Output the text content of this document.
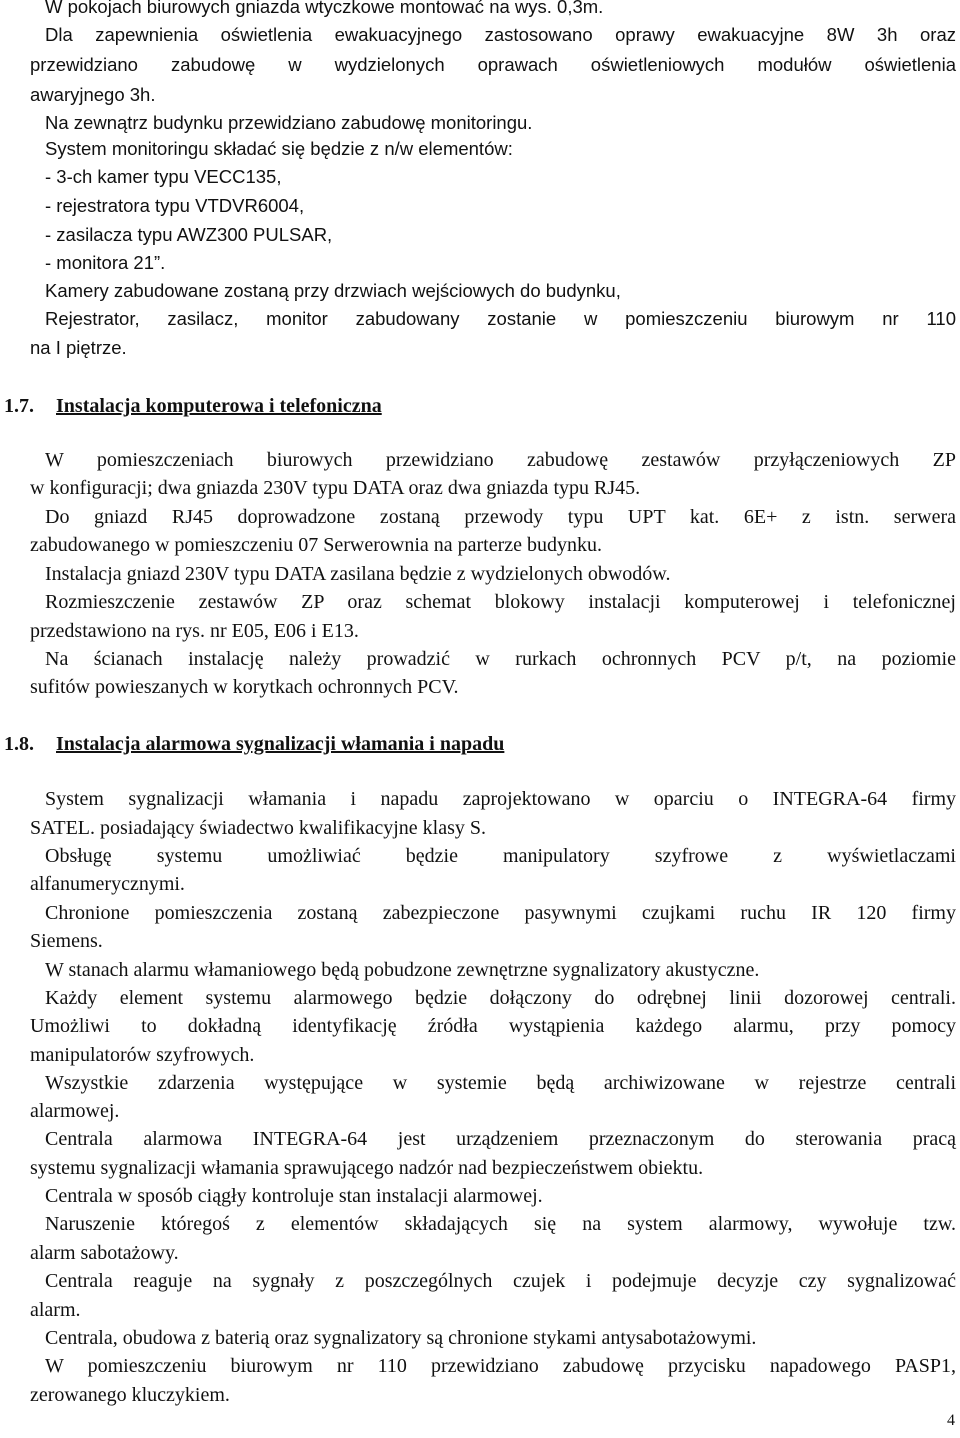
W pokojach biurowych gniazda wtyczkowe montować na wys. 0,3m.
Dla zapewnienia oświetlenia ewakuacyjnego zastosowano oprawy ewakuacyjne 8W 3h oraz
przewidziano zabudowę w wydzielonych oprawach oświetleniowych modułów oświetlenia
awaryjnego 3h.
Na zewnątrz budynku przewidziano zabudowę monitoringu.
System monitoringu składać się będzie z n/w elementów:
- 3-ch kamer typu VECC135,
- rejestratora typu VTDVR6004,
- zasilacza typu AWZ300 PULSAR,
- monitora 21”.
Kamery zabudowane zostaną przy drzwiach wejściowych do budynku,
Rejestrator, zasilacz, monitor zabudowany zostanie w pomieszczeniu biurowym nr 110
na I piętrze.
1.7. Instalacja komputerowa i telefoniczna
W pomieszczeniach biurowych przewidziano zabudowę zestawów przyłączeniowych ZP
w konfiguracji; dwa gniazda 230V typu DATA oraz dwa gniazda typu RJ45.
Do gniazd RJ45 doprowadzone zostaną przewody typu UPT kat. 6E+ z istn. serwera
zabudowanego w pomieszczeniu 07 Serwerownia na parterze budynku.
Instalacja gniazd 230V typu DATA zasilana będzie z wydzielonych obwodów.
Rozmieszczenie zestawów ZP oraz schemat blokowy instalacji komputerowej i telefonicznej
przedstawiono na rys. nr E05, E06 i E13.
Na ścianach instalację należy prowadzić w rurkach ochronnych PCV p/t, na poziomie
sufitów powieszanych w korytkach ochronnych PCV.
1.8. Instalacja alarmowa sygnalizacji włamania i napadu
System sygnalizacji włamania i napadu zaprojektowano w oparciu o INTEGRA-64 firmy
SATEL. posiadający świadectwo kwalifikacyjne klasy S.
Obsługę systemu umożliwiać będzie manipulatory szyfrowe z wyświetlaczami
alfanumerycznymi.
Chronione pomieszczenia zostaną zabezpieczone pasywnymi czujkami ruchu IR 120 firmy
Siemens.
W stanach alarmu włamaniowego będą pobudzone zewnętrzne sygnalizatory akustyczne.
Każdy element systemu alarmowego będzie dołączony do odrębnej linii dozorowej centrali.
Umożliwi to dokładną identyfikację źródła wystąpienia każdego alarmu, przy pomocy
manipulatorów szyfrowych.
Wszystkie zdarzenia występujące w systemie będą archiwizowane w rejestrze centrali
alarmowej.
Centrala alarmowa INTEGRA-64 jest urządzeniem przeznaczonym do sterowania pracą
systemu sygnalizacji włamania sprawującego nadzór nad bezpieczeństwem obiektu.
Centrala w sposób ciągły kontroluje stan instalacji alarmowej.
Naruszenie któregoś z elementów składających się na system alarmowy, wywołuje tzw.
alarm sabotażowy.
Centrala reaguje na sygnały z poszczególnych czujek i podejmuje decyzje czy sygnalizować
alarm.
Centrala, obudowa z baterią oraz sygnalizatory są chronione stykami antysabotażowymi.
W pomieszczeniu biurowym nr 110 przewidziano zabudowę przycisku napadowego PASP1,
zerowanego kluczykiem.
4
